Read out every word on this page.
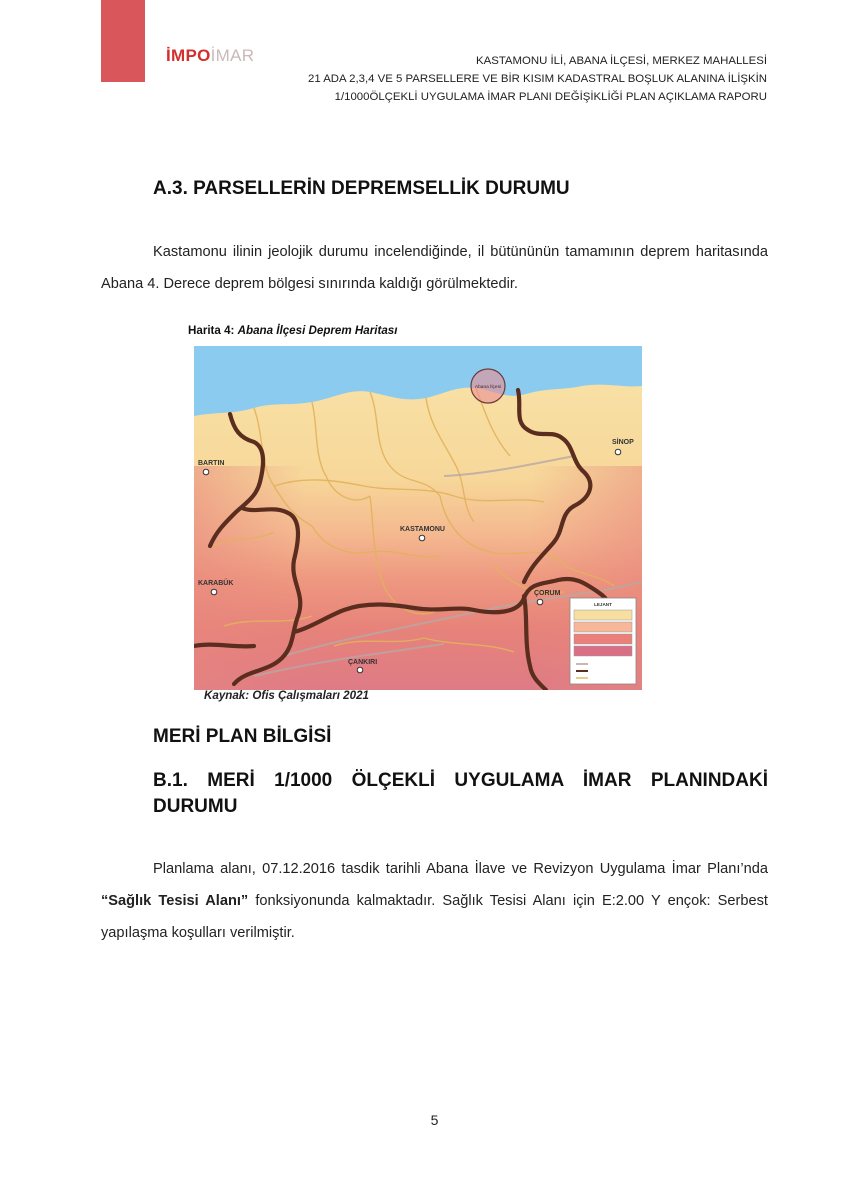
İMPOİMAR	KASTAMONU İLİ, ABANA İLÇESİ, MERKEZ MAHALLESİ
21 ADA 2,3,4 VE 5 PARSELLERE VE BİR KISIM KADASTRAL BOŞLUK ALANINA İLİŞKİN
1/1000ÖLÇEKLİ UYGULAMA İMAR PLANI DEĞİŞİKLİĞİ PLAN AÇIKLAMA RAPORU
A.3. PARSELLERİN DEPREMSELLİK DURUMU
Kastamonu ilinin jeolojik durumu incelendiğinde, il bütününün tamamının deprem haritasında Abana 4. Derece deprem bölgesi sınırında kaldığı görülmektedir.
Harita 4: Abana İlçesi Deprem Haritası
Abana İlçesi
SİNOP
BARTIN
KASTAMONU
KARABÜK
ÇORUM
ÇANKIRI
LEJANT
Kaynak: Ofis Çalışmaları 2021
MERİ PLAN BİLGİSİ
B.1. MERİ 1/1000 ÖLÇEKLİ UYGULAMA İMAR PLANINDAKİ
DURUMU
Planlama alanı, 07.12.2016 tasdik tarihli Abana İlave ve Revizyon Uygulama İmar Planı’nda “Sağlık Tesisi Alanı” fonksiyonunda kalmaktadır. Sağlık Tesisi Alanı için E:2.00 Y ençok: Serbest yapılaşma koşulları verilmiştir.
5
